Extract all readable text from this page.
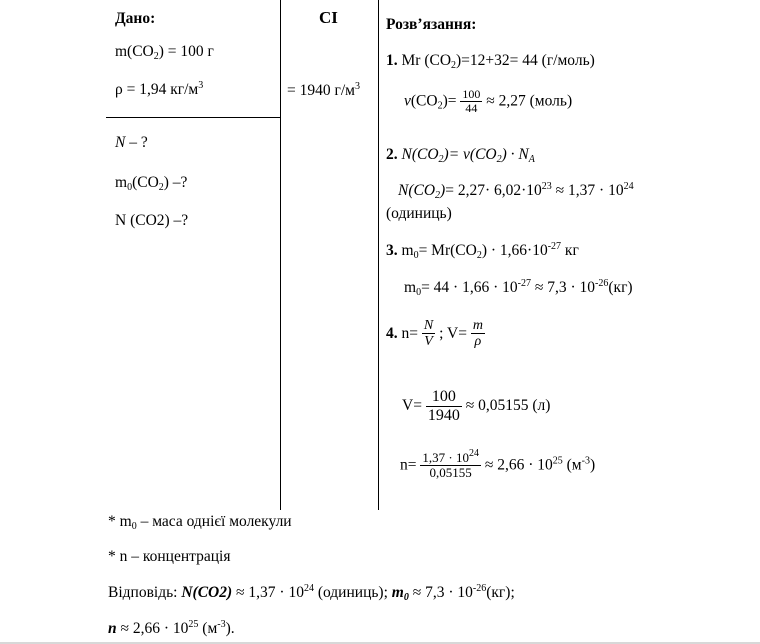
Дано:
$m(CO_2) = 100$ г
ρ = 1,94 $кг/м^3$
N – ?
$m_0(CO_2)$ –?
N (CO2) –?
СІ
= 1940 $г/м^3$
Розв’язання:
1. Mr $(CO_2)=12+32= 44$ (г/моль)
$\nu(CO_2)= \frac{100}{44} \approx 2,27$ (моль)
2. $N(CO_2)= \nu(CO_2) \cdot N_A$
$N(CO_2)= 2,27\cdot 6,02\cdot 10^{23} \approx 1,37 \cdot 10^{24}$
(одиниць)
3. $m_0= Mr(CO_2) \cdot 1,66\cdot 10^{-27}$ кг
$m_0= 44 \cdot 1,66 \cdot 10^{-27} \approx 7,3 \cdot 10^{-26}(кг)$
4. $n= \frac{N}{V}$ ; $V= \frac{m}{\rho}$
$V= \frac{100}{1940} \approx 0,05155$ (л)
$n= \frac{1,37 \cdot 10^{24}}{0,05155} \approx 2,66 \cdot 10^{25}$ $(м^{-3})$
* $m_0$ – маса однієї молекули
* n – концентрація
Відповідь: $N(CO2) \approx 1,37 \cdot 10^{24}$ (одиниць); $m_0 \approx 7,3 \cdot 10^{-26}(кг)$;
$n \approx 2,66 \cdot 10^{25}$ $(м^{-3})$.
